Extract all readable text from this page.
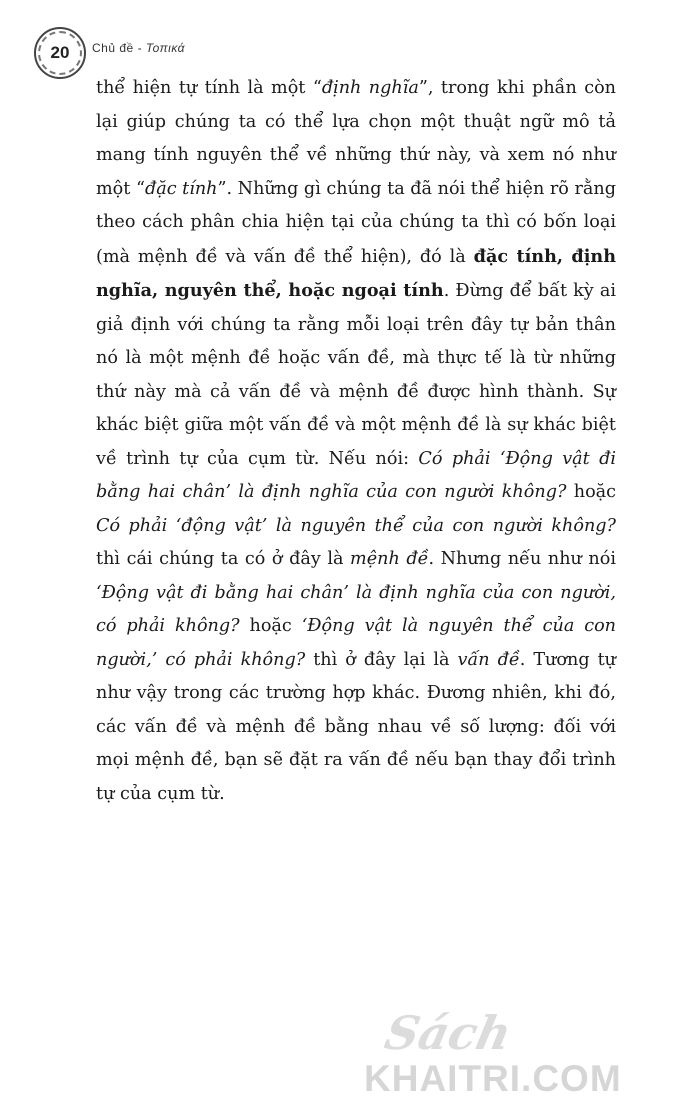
20	Chủ đề - Τοπικά
thể hiện tự tính là một “định nghĩa”, trong khi phần còn lại giúp chúng ta có thể lựa chọn một thuật ngữ mô tả mang tính nguyên thể về những thứ này, và xem nó như một “đặc tính”. Những gì chúng ta đã nói thể hiện rõ rằng theo cách phân chia hiện tại của chúng ta thì có bốn loại (mà mệnh đề và vấn đề thể hiện), đó là đặc tính, định nghĩa, nguyên thể, hoặc ngoại tính. Đừng để bất kỳ ai giả định với chúng ta rằng mỗi loại trên đây tự bản thân nó là một mệnh đề hoặc vấn đề, mà thực tế là từ những thứ này mà cả vấn đề và mệnh đề được hình thành. Sự khác biệt giữa một vấn đề và một mệnh đề là sự khác biệt về trình tự của cụm từ. Nếu nói: Có phải ‘Động vật đi bằng hai chân’ là định nghĩa của con người không? hoặc Có phải ‘động vật’ là nguyên thể của con người không? thì cái chúng ta có ở đây là mệnh đề. Nhưng nếu như nói ‘Động vật đi bằng hai chân’ là định nghĩa của con người, có phải không? hoặc ‘Động vật là nguyên thể của con người,’ có phải không? thì ở đây lại là vấn đề. Tương tự như vậy trong các trường hợp khác. Đương nhiên, khi đó, các vấn đề và mệnh đề bằng nhau về số lượng: đối với mọi mệnh đề, bạn sẽ đặt ra vấn đề nếu bạn thay đổi trình tự của cụm từ.
Sách
KHAITRI.COM
